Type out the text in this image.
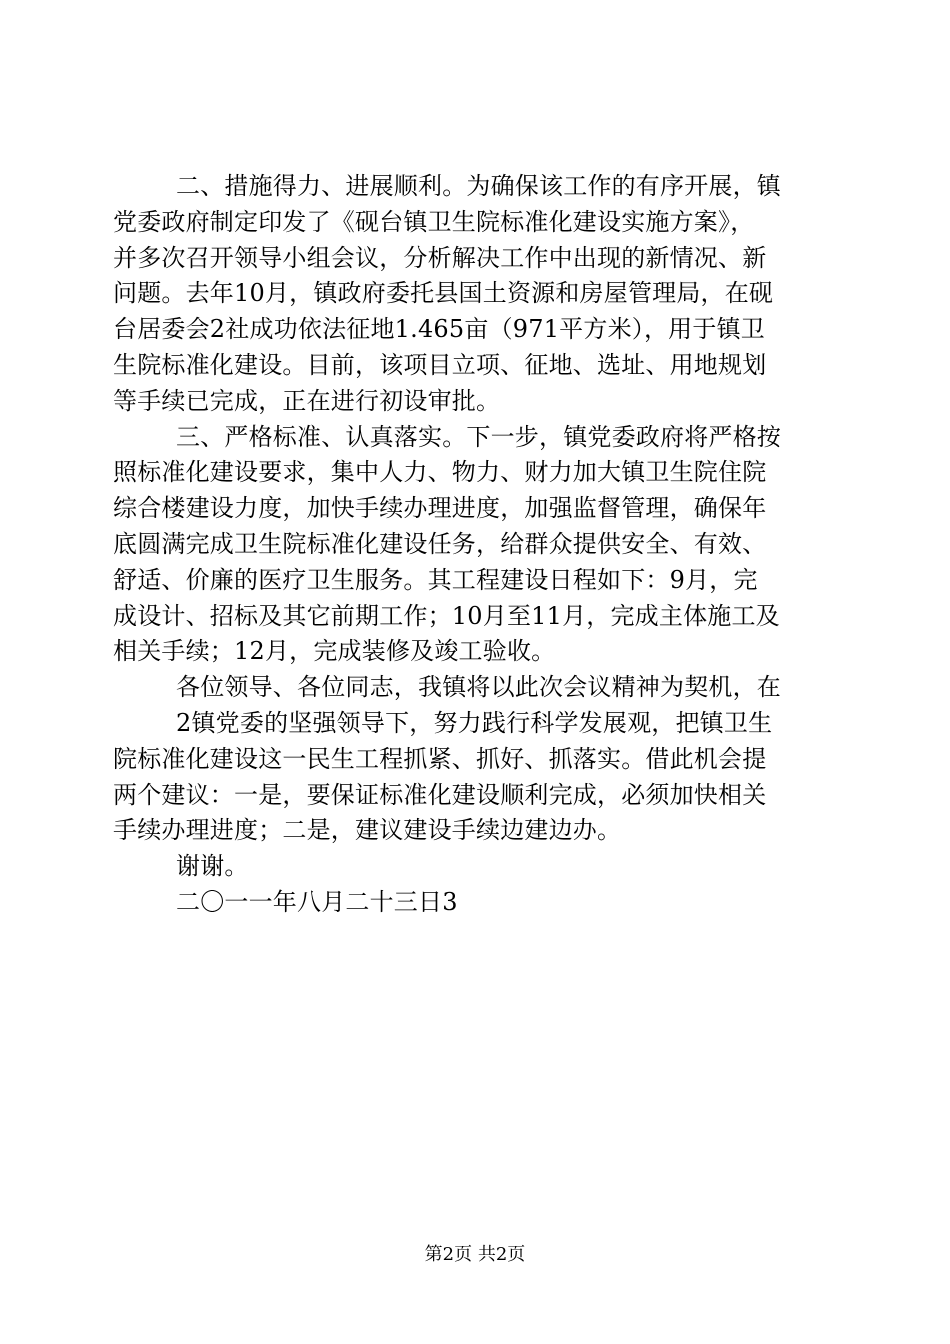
二、措施得力、进展顺利。为确保该工作的有序开展，镇
党委政府制定印发了《砚台镇卫生院标准化建设实施方案》，
并多次召开领导小组会议，分析解决工作中出现的新情况、新
问题。去年10月，镇政府委托县国土资源和房屋管理局，在砚
台居委会2社成功依法征地1.465亩（971平方米），用于镇卫
生院标准化建设。目前，该项目立项、征地、选址、用地规划
等手续已完成，正在进行初设审批。
三、严格标准、认真落实。下一步，镇党委政府将严格按
照标准化建设要求，集中人力、物力、财力加大镇卫生院住院
综合楼建设力度，加快手续办理进度，加强监督管理，确保年
底圆满完成卫生院标准化建设任务，给群众提供安全、有效、
舒适、价廉的医疗卫生服务。其工程建设日程如下：9月，完
成设计、招标及其它前期工作；10月至11月，完成主体施工及
相关手续；12月，完成装修及竣工验收。
各位领导、各位同志，我镇将以此次会议精神为契机，在
2镇党委的坚强领导下，努力践行科学发展观，把镇卫生
院标准化建设这一民生工程抓紧、抓好、抓落实。借此机会提
两个建议：一是，要保证标准化建设顺利完成，必须加快相关
手续办理进度；二是，建议建设手续边建边办。
谢谢。
二〇一一年八月二十三日3
第2页 共2页
